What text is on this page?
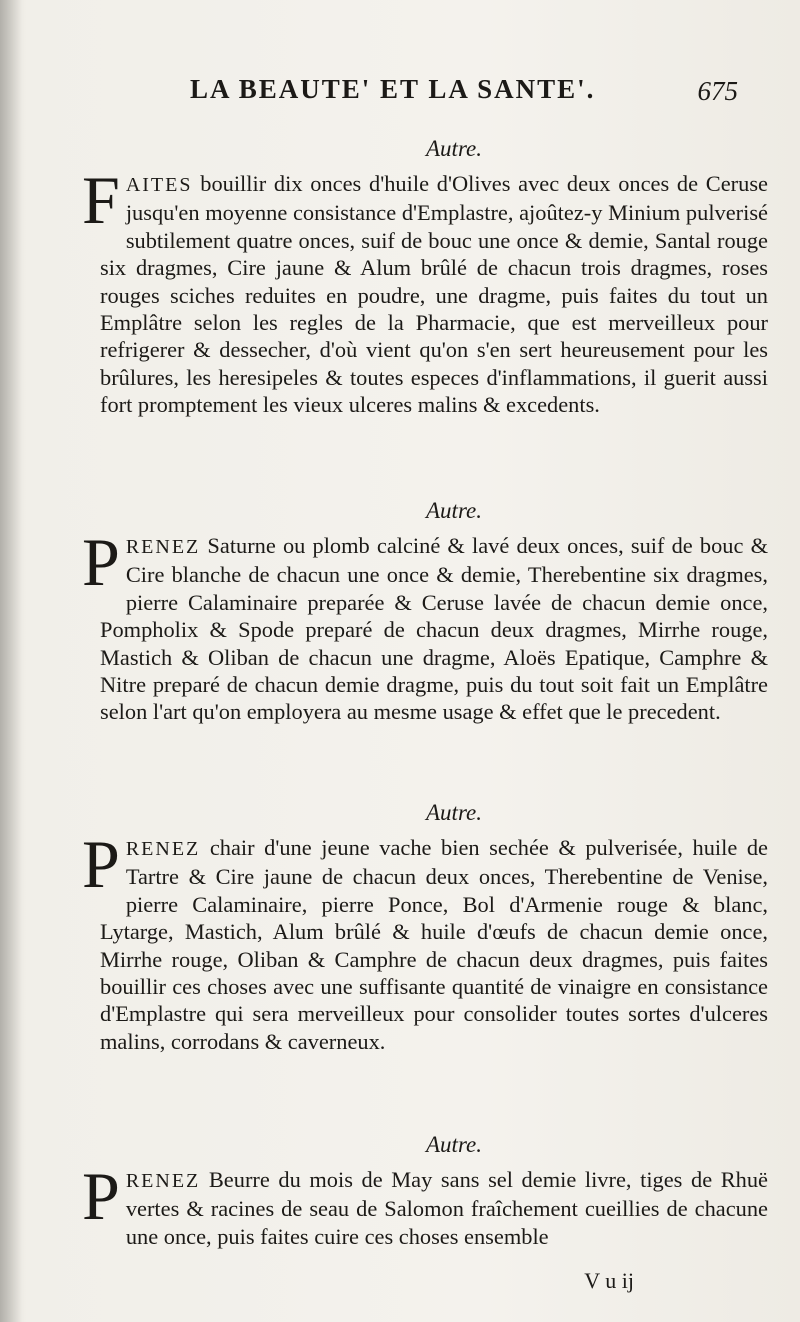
LA BEAUTE' ET LA SANTE'.	675
Autre.

FAITES bouillir dix onces d'huile d'Olives avec deux onces de Ceruse jusqu'en moyenne consistance d'Emplastre, ajoûtez-y Minium pulverisé subtilement quatre onces, suif de bouc une once & demie, Santal rouge six dragmes, Cire jaune & Alum brûlé de chacun trois dragmes, roses rouges sciches reduites en poudre, une dragme, puis faites du tout un Emplâtre selon les regles de la Pharmacie, que est merveilleux pour refrigerer & dessecher, d'où vient qu'on s'en sert heureusement pour les brûlures, les heresipeles & toutes especes d'inflammations, il guerit aussi fort promptement les vieux ulceres malins & excedents.

Autre.

PRENEZ Saturne ou plomb calciné & lavé deux onces, suif de bouc & Cire blanche de chacun une once & demie, Therebentine six dragmes, pierre Calaminaire preparée & Ceruse lavée de chacun demie once, Pompholix & Spode preparé de chacun deux dragmes, Mirrhe rouge, Mastich & Oliban de chacun une dragme, Aloës Epatique, Camphre & Nitre preparé de chacun demie dragme, puis du tout soit fait un Emplâtre selon l'art qu'on employera au mesme usage & effet que le precedent.

Autre.

PRENEZ chair d'une jeune vache bien sechée & pulverisée, huile de Tartre & Cire jaune de chacun deux onces, Therebentine de Venise, pierre Calaminaire, pierre Ponce, Bol d'Armenie rouge & blanc, Lytarge, Mastich, Alum brûlé & huile d'œufs de chacun demie once, Mirrhe rouge, Oliban & Camphre de chacun deux dragmes, puis faites bouillir ces choses avec une suffisante quantité de vinaigre en consistance d'Emplastre qui sera merveilleux pour consolider toutes sortes d'ulceres malins, corrodans & caverneux.

Autre.

PRENEZ Beurre du mois de May sans sel demie livre, tiges de Rhuë vertes & racines de seau de Salomon fraîchement cueillies de chacune une once, puis faites cuire ces choses ensemble

V u ij
